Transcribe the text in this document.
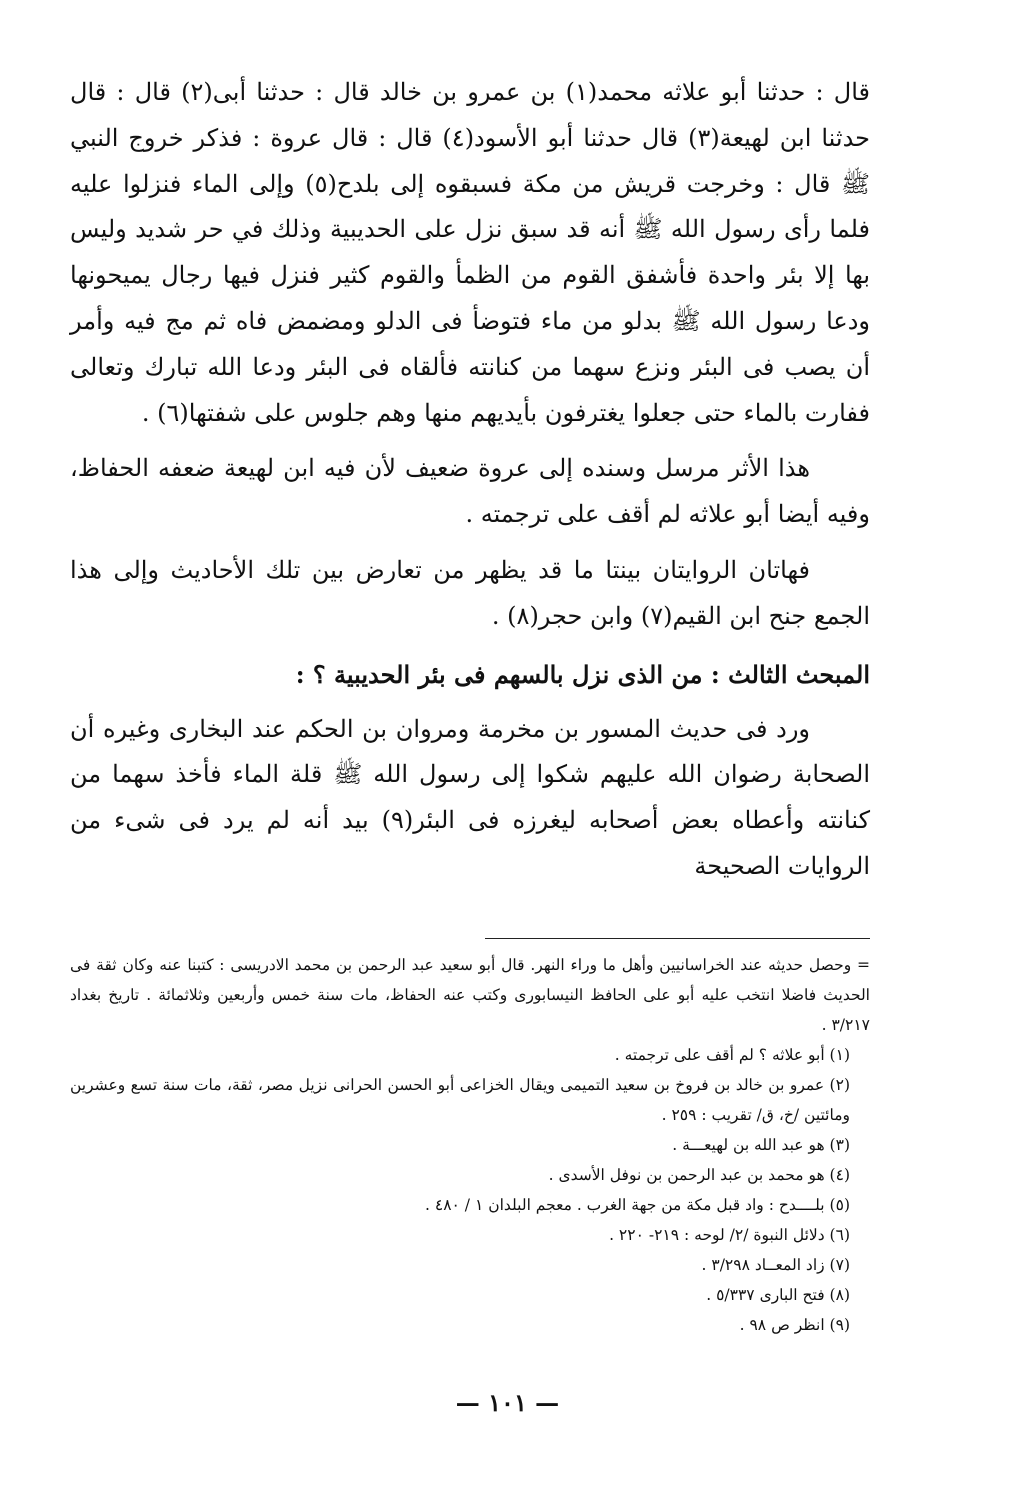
قال : حدثنا أبو علاثه محمد(١) بن عمرو بن خالد قال : حدثنا أبى(٢) قال : قال حدثنا ابن لهيعة(٣) قال حدثنا أبو الأسود(٤) قال : قال عروة : فذكر خروج النبي ﷺ قال : وخرجت قريش من مكة فسبقوه إلى بلدح(٥) وإلى الماء فنزلوا عليه فلما رأى رسول الله ﷺ أنه قد سبق نزل على الحديبية وذلك في حر شديد وليس بها إلا بئر واحدة فأشفق القوم من الظمأ والقوم كثير فنزل فيها رجال يميحونها ودعا رسول الله ﷺ بدلو من ماء فتوضأ فى الدلو ومضمض فاه ثم مج فيه وأمر أن يصب فى البئر ونزع سهما من كنانته فألقاه فى البئر ودعا الله تبارك وتعالى ففارت بالماء حتى جعلوا يغترفون بأيديهم منها وهم جلوس على شفتها(٦) .

هذا الأثر مرسل وسنده إلى عروة ضعيف لأن فيه ابن لهيعة ضعفه الحفاظ، وفيه أيضا أبو علاثه لم أقف على ترجمته .

فهاتان الروايتان بينتا ما قد يظهر من تعارض بين تلك الأحاديث وإلى هذا الجمع جنح ابن القيم(٧) وابن حجر(٨) .

المبحث الثالث : من الذى نزل بالسهم فى بئر الحديبية ؟ :

ورد فى حديث المسور بن مخرمة ومروان بن الحكم عند البخارى وغيره أن الصحابة رضوان الله عليهم شكوا إلى رسول الله ﷺ قلة الماء فأخذ سهما من كنانته وأعطاه بعض أصحابه ليغرزه فى البئر(٩) بيد أنه لم يرد فى شىء من الروايات الصحيحة

= وحصل حديثه عند الخراسانيين وأهل ما وراء النهر. قال أبو سعيد عبد الرحمن بن محمد الادريسى : كتبنا عنه وكان ثقة فى الحديث فاضلا انتخب عليه أبو على الحافظ النيسابورى وكتب عنه الحفاظ، مات سنة خمس وأربعين وثلاثمائة . تاريخ بغداد ٣/٢١٧ .

(١) أبو علاثه ؟ لم أقف على ترجمته .

(٢) عمرو بن خالد بن فروخ بن سعيد التميمى ويقال الخزاعى أبو الحسن الحرانى نزيل مصر، ثقة، مات سنة تسع وعشرين ومائتين /خ، ق/ تقريب : ٢٥٩ .

(٣) هو عبد الله بن لهيعـــة .

(٤) هو محمد بن عبد الرحمن بن نوفل الأسدى .

(٥) بلــــدح : واد قبل مكة من جهة الغرب . معجم البلدان ١ / ٤٨٠ .

(٦) دلائل النبوة /٢/ لوحه : ٢١٩- ٢٢٠ .

(٧) زاد المعــاد ٣/٢٩٨ .

(٨) فتح البارى ٥/٣٣٧ .

(٩) انظر ص ٩٨ .

— ١٠١ —
